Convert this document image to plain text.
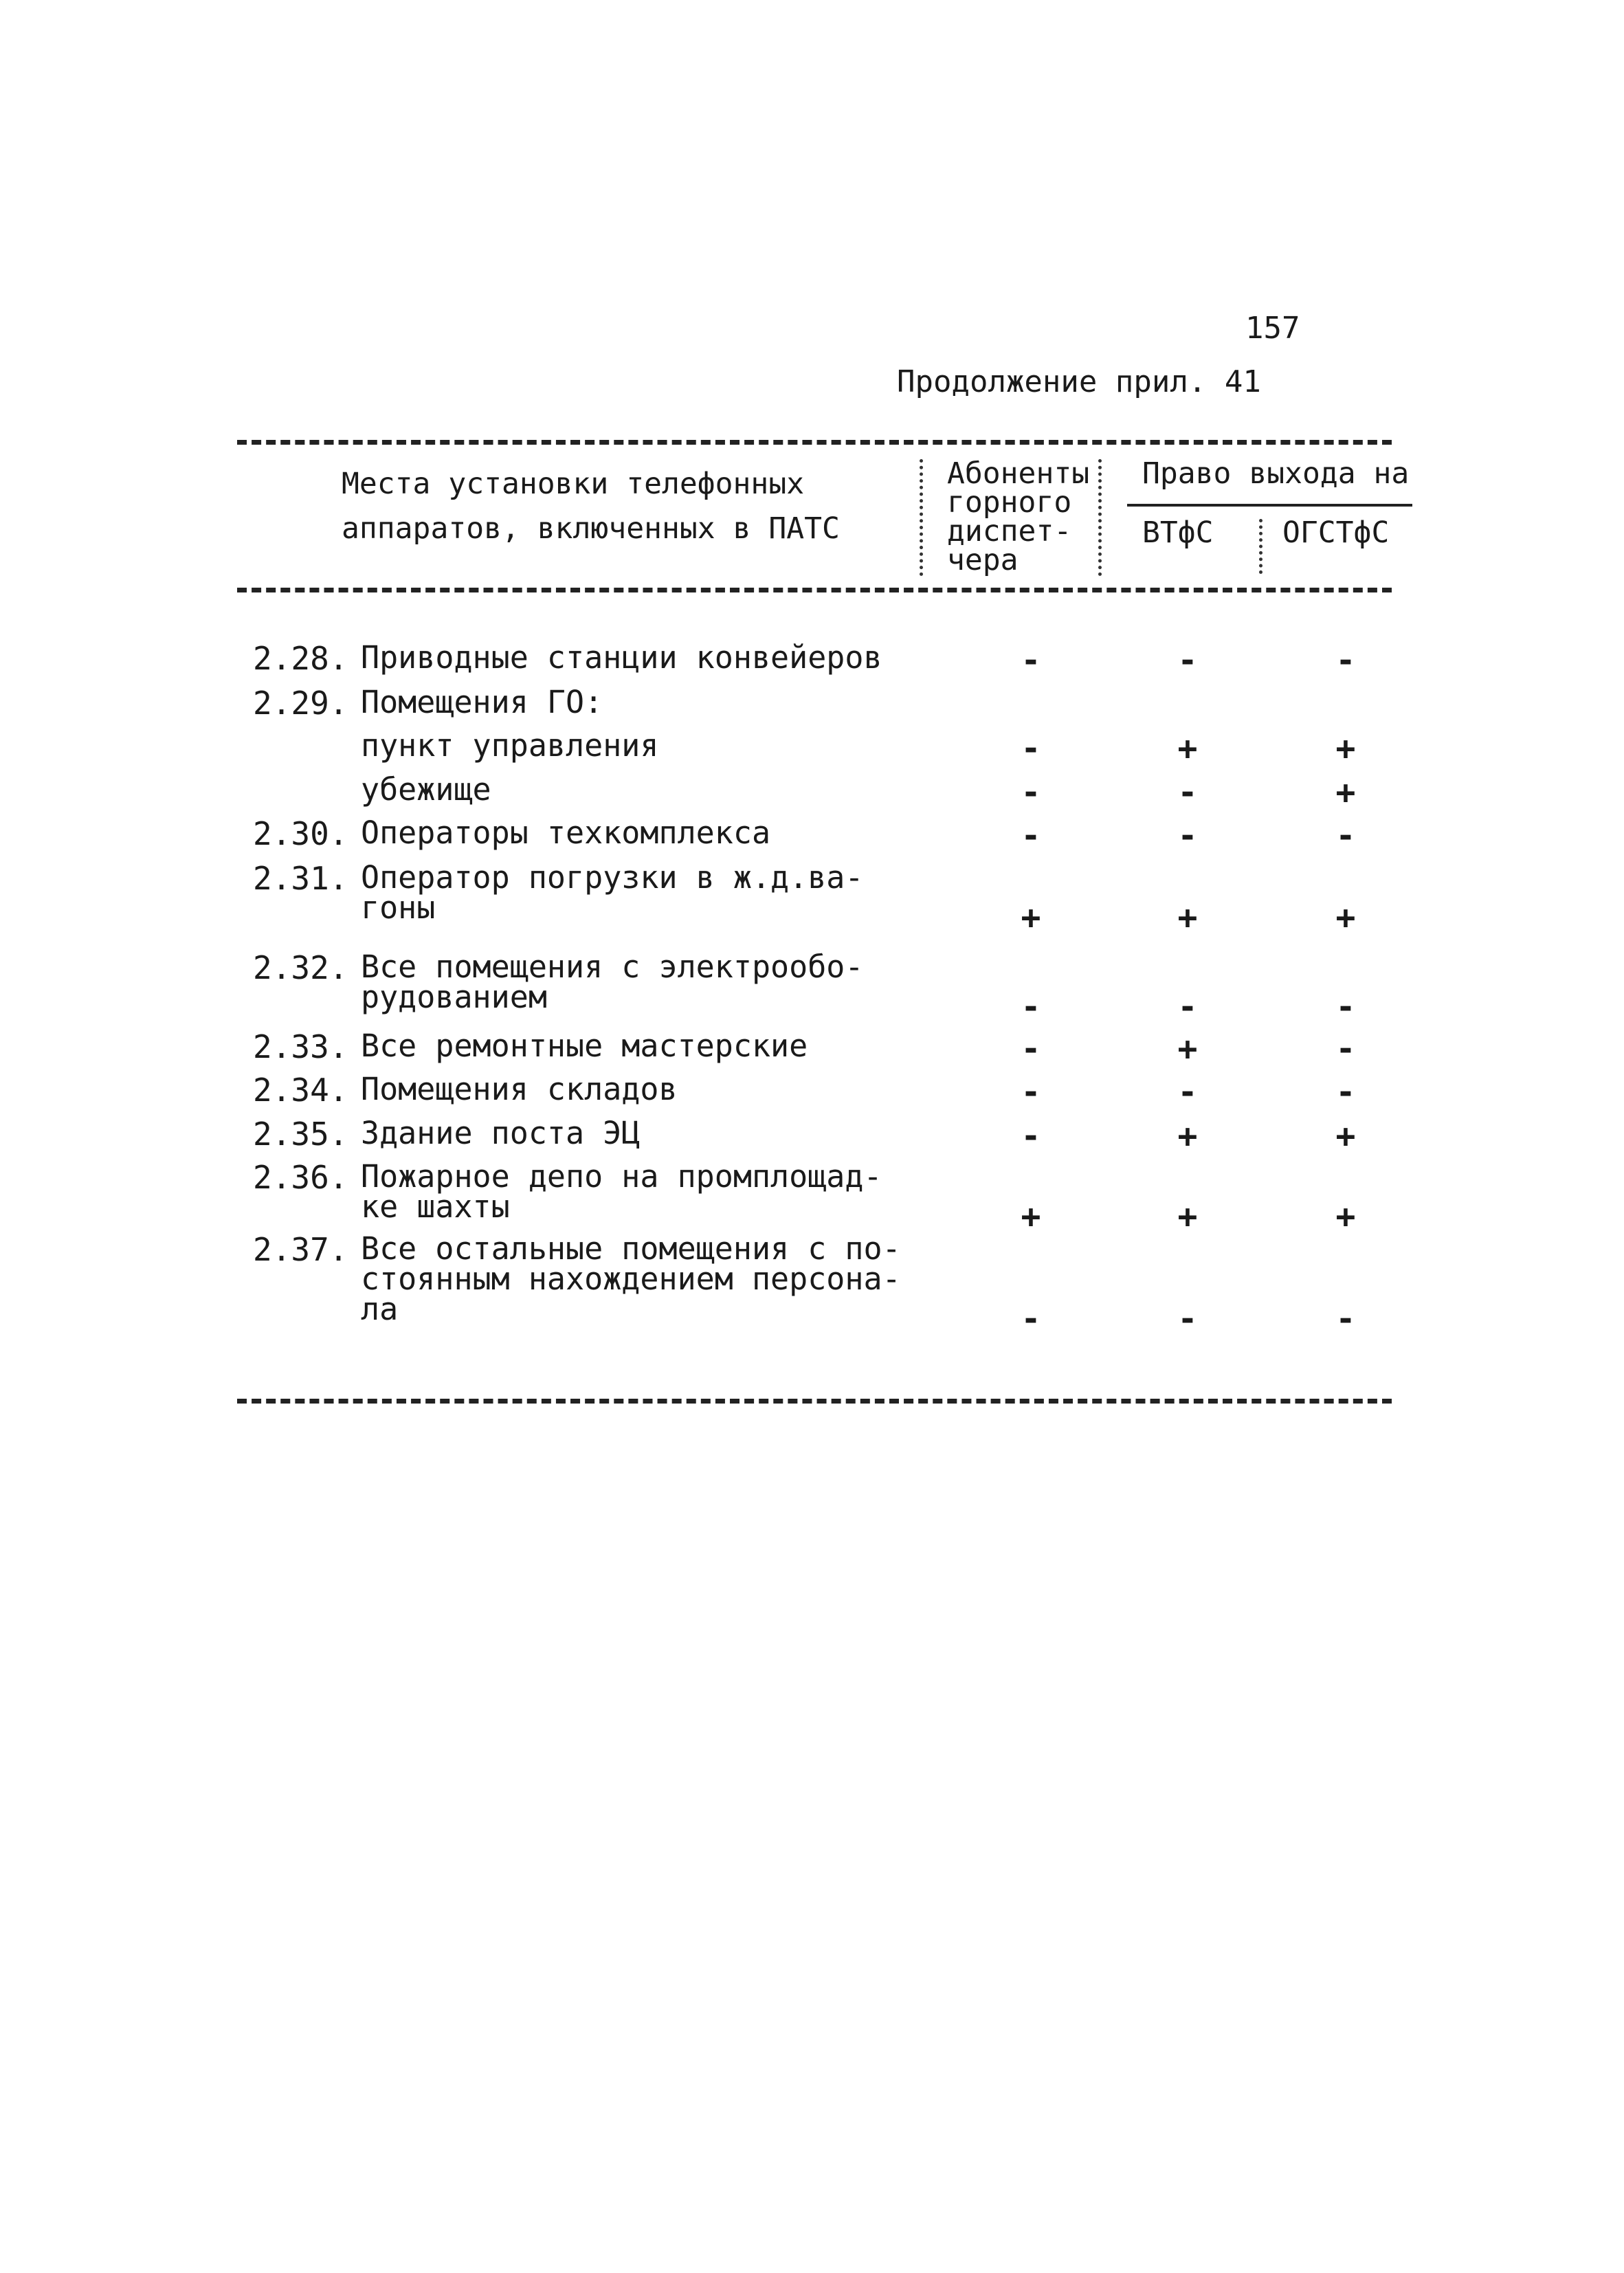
157
Продолжение прил. 41
Места установки телефонных
аппаратов, включенных в ПАТС
Абоненты
горного
диспет-
чера
Право выхода на
ВТфС ОГСТфС
2.28. Приводные станции конвейеров	-	-	-
2.29. Помещения ГО:
пункт управления	-	+	+
убежище	-	-	+
2.30. Операторы техкомплекса	-	-	-
2.31. Оператор погрузки в ж.д.ва-
гоны	+	+	+
2.32. Все помещения с электрообо-
рудованием	-	-	-
2.33. Все ремонтные мастерские	-	+	-
2.34. Помещения складов	-	-	-
2.35. Здание поста ЭЦ	-	+	+
2.36. Пожарное депо на промплощад-
ке шахты	+	+	+
2.37. Все остальные помещения с по-
стоянным нахождением персона-
ла	-	-	-
